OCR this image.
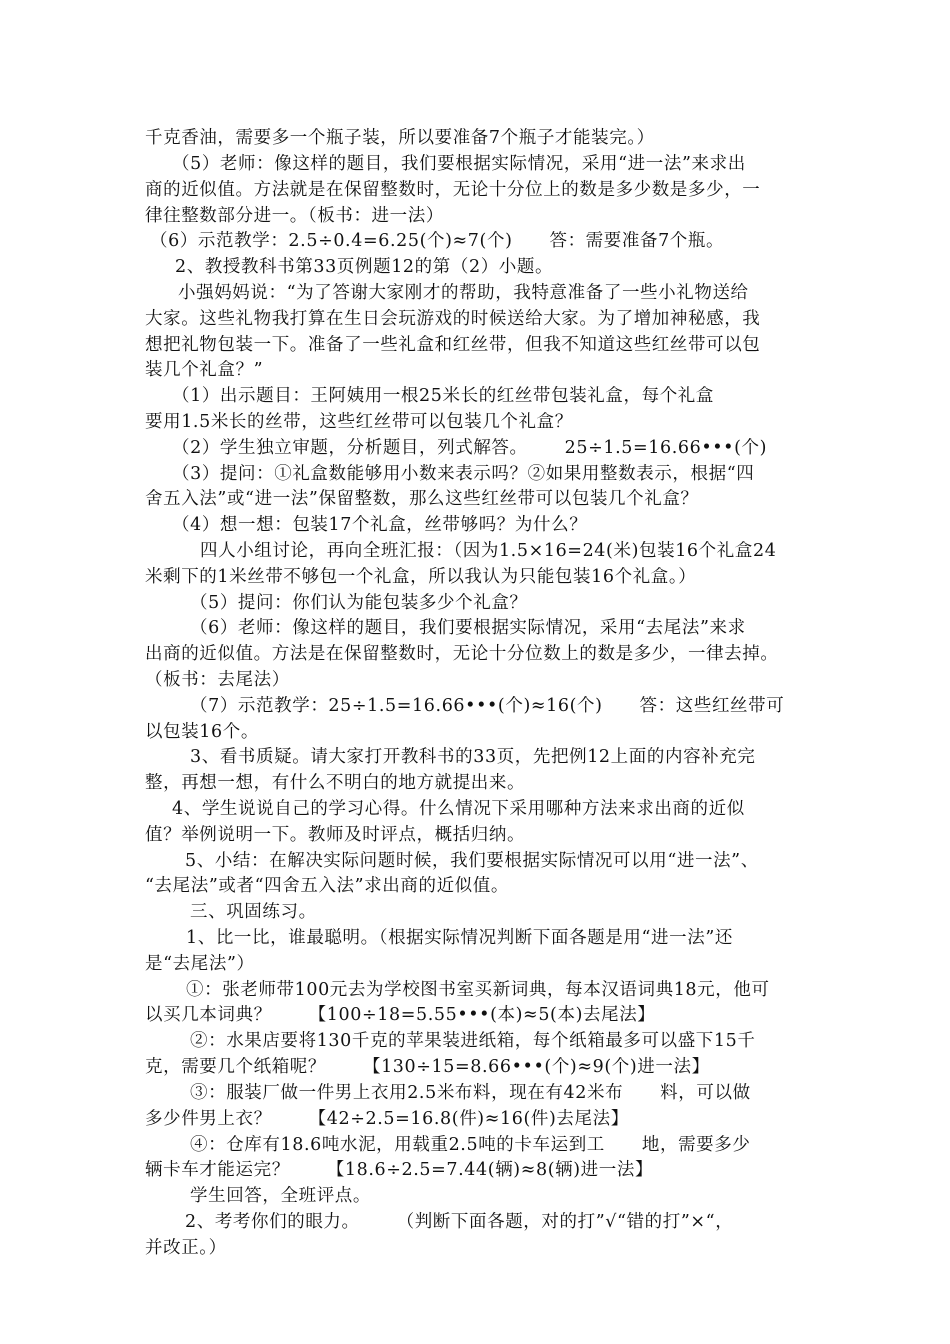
千克香油，需要多一个瓶子装，所以要准备7个瓶子才能装完。）
（5）老师：像这样的题目，我们要根据实际情况，采用“进一法”来求出
商的近似值。方法就是在保留整数时，无论十分位上的数是多少数是多少，一
律往整数部分进一。（板书：进一法）
（6）示范教学：2.5÷0.4=6.25(个)≈7(个)      答：需要准备7个瓶。
2、教授教科书第33页例题12的第（2）小题。
小强妈妈说：“为了答谢大家刚才的帮助，我特意准备了一些小礼物送给
大家。这些礼物我打算在生日会玩游戏的时候送给大家。为了增加神秘感，我
想把礼物包装一下。准备了一些礼盒和红丝带，但我不知道这些红丝带可以包
装几个礼盒？”
（1）出示题目：王阿姨用一根25米长的红丝带包装礼盒，每个礼盒
要用1.5米长的丝带，这些红丝带可以包装几个礼盒？
（2）学生独立审题，分析题目，列式解答。      25÷1.5=16.66•••(个)
（3）提问：①礼盒数能够用小数来表示吗？②如果用整数表示，根据“四
舍五入法”或“进一法”保留整数，那么这些红丝带可以包装几个礼盒？
（4）想一想：包装17个礼盒，丝带够吗？为什么？
四人小组讨论，再向全班汇报：（因为1.5×16=24(米)包装16个礼盒24
米剩下的1米丝带不够包一个礼盒，所以我认为只能包装16个礼盒。）
（5）提问：你们认为能包装多少个礼盒？
（6）老师：像这样的题目，我们要根据实际情况，采用“去尾法”来求
出商的近似值。方法是在保留整数时，无论十分位数上的数是多少，一律去掉。
（板书：去尾法）
（7）示范教学：25÷1.5=16.66•••(个)≈16(个)      答：这些红丝带可
以包装16个。
3、看书质疑。请大家打开教科书的33页，先把例12上面的内容补充完
整，再想一想，有什么不明白的地方就提出来。
4、学生说说自己的学习心得。什么情况下采用哪种方法来求出商的近似
值？举例说明一下。教师及时评点，概括归纳。
5、小结：在解决实际问题时候，我们要根据实际情况可以用“进一法”、
“去尾法”或者“四舍五入法”求出商的近似值。
三、巩固练习。
1、比一比，谁最聪明。（根据实际情况判断下面各题是用“进一法”还
是“去尾法”）
①：张老师带100元去为学校图书室买新词典，每本汉语词典18元，他可
以买几本词典？      【100÷18=5.55•••(本)≈5(本)去尾法】
②：水果店要将130千克的苹果装进纸箱，每个纸箱最多可以盛下15千
克，需要几个纸箱呢？      【130÷15=8.66•••(个)≈9(个)进一法】
③：服装厂做一件男上衣用2.5米布料，现在有42米布      料，可以做
多少件男上衣？      【42÷2.5=16.8(件)≈16(件)去尾法】
④：仓库有18.6吨水泥，用载重2.5吨的卡车运到工      地，需要多少
辆卡车才能运完？      【18.6÷2.5=7.44(辆)≈8(辆)进一法】
学生回答，全班评点。
2、考考你们的眼力。      （判断下面各题，对的打”√“错的打”×“，
并改正。）
